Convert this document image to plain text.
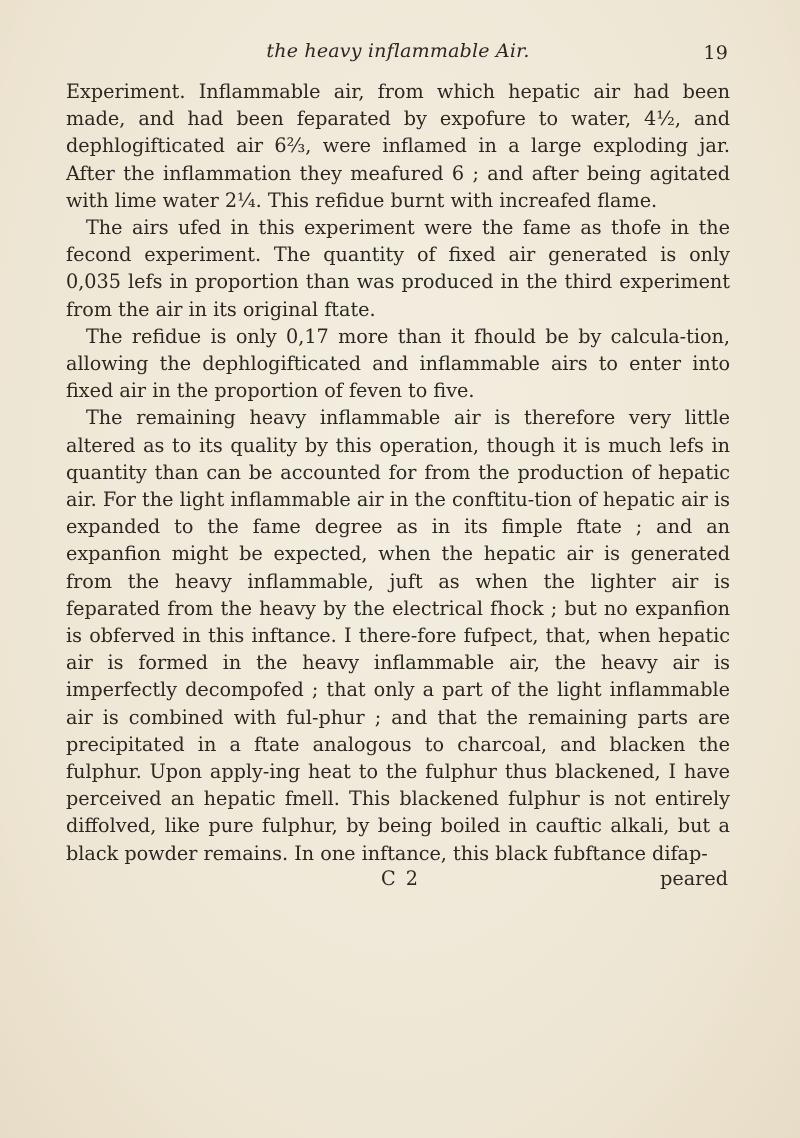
the heavy inflammable Air.	19

Experiment. Inflammable air, from which hepatic air had been made, and had been feparated by expofure to water, 4½, and dephlogifticated air 6⅔, were inflamed in a large exploding jar. After the inflammation they meafured 6 ; and after being agitated with lime water 2¼. This refidue burnt with increafed flame.

The airs ufed in this experiment were the fame as thofe in the fecond experiment. The quantity of fixed air generated is only 0,035 lefs in proportion than was produced in the third experiment from the air in its original ftate.

The refidue is only 0,17 more than it fhould be by calcula-tion, allowing the dephlogifticated and inflammable airs to enter into fixed air in the proportion of feven to five.

The remaining heavy inflammable air is therefore very little altered as to its quality by this operation, though it is much lefs in quantity than can be accounted for from the production of hepatic air. For the light inflammable air in the conftitu-tion of hepatic air is expanded to the fame degree as in its fimple ftate ; and an expanfion might be expected, when the hepatic air is generated from the heavy inflammable, juft as when the lighter air is feparated from the heavy by the electrical fhock ; but no expanfion is obferved in this inftance. I there-fore fufpect, that, when hepatic air is formed in the heavy inflammable air, the heavy air is imperfectly decompofed ; that only a part of the light inflammable air is combined with ful-phur ; and that the remaining parts are precipitated in a ftate analogous to charcoal, and blacken the fulphur. Upon apply-ing heat to the fulphur thus blackened, I have perceived an hepatic fmell. This blackened fulphur is not entirely diffolved, like pure fulphur, by being boiled in cauftic alkali, but a black powder remains. In one inftance, this black fubftance difap-

C 2	peared
